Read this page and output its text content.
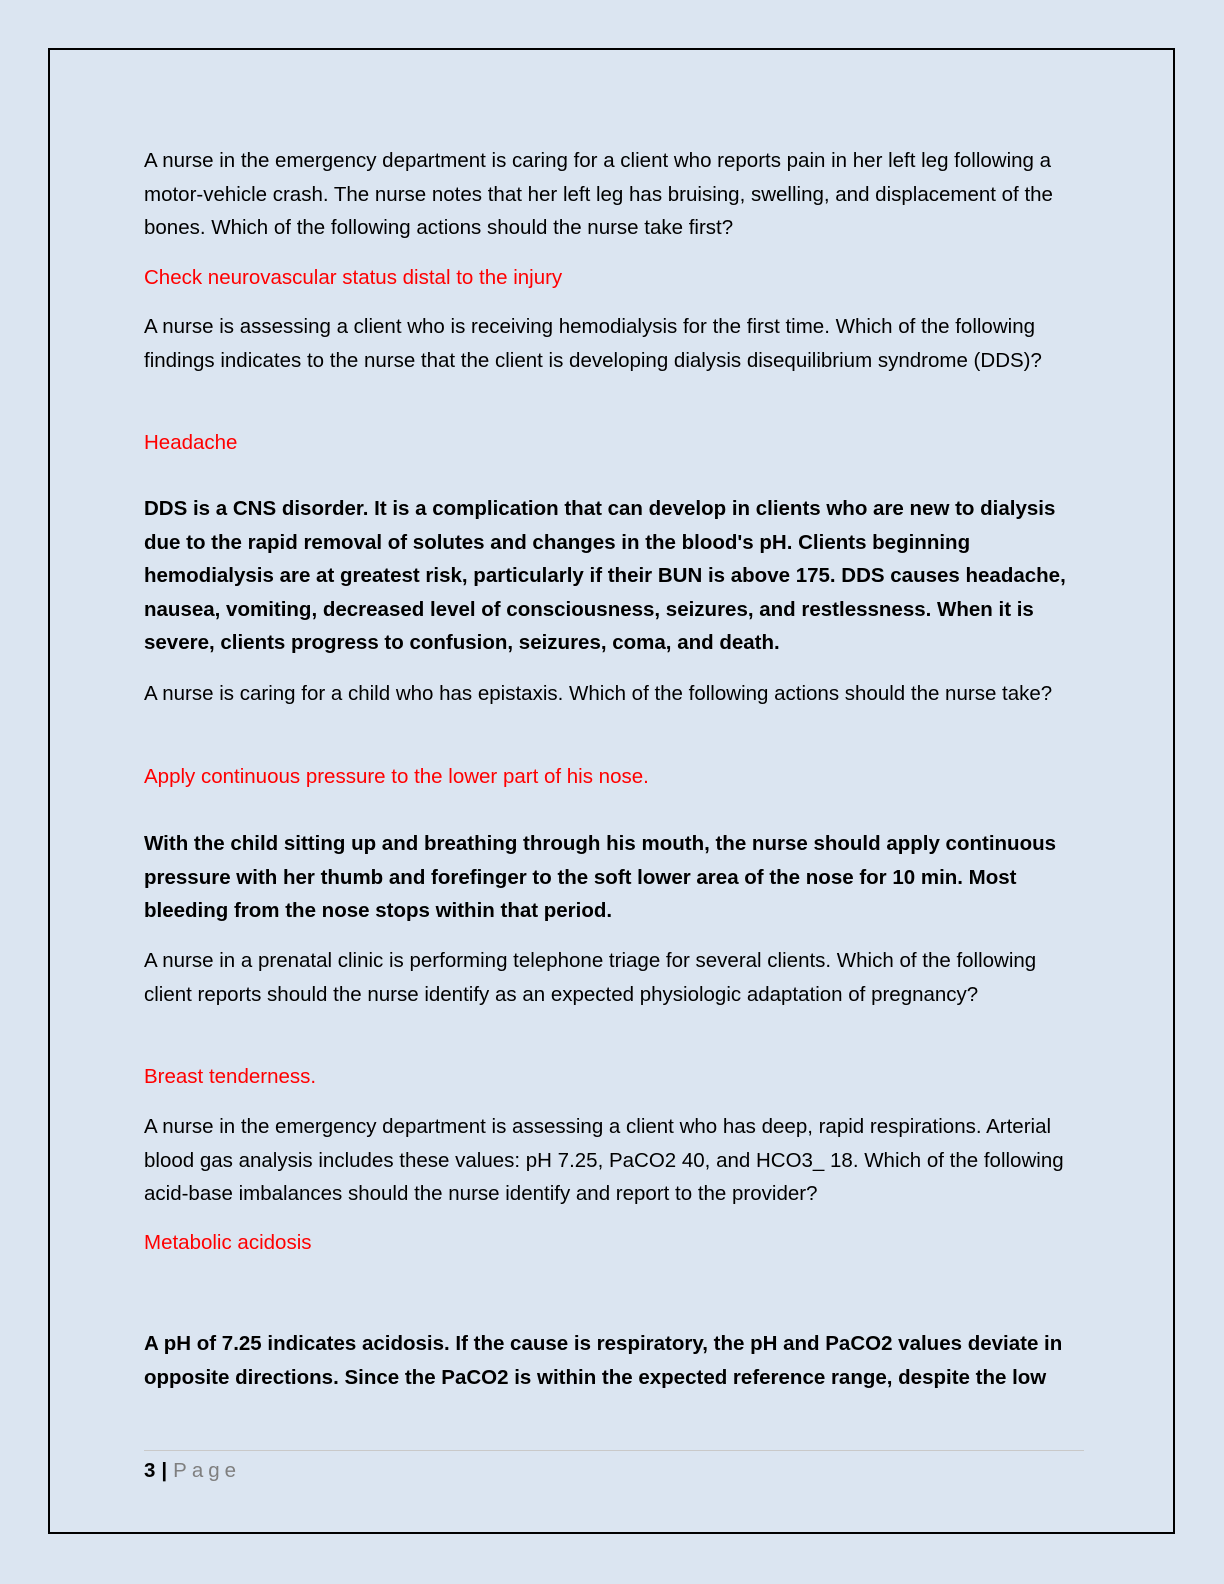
A nurse in the emergency department is caring for a client who reports pain in her left leg following a motor-vehicle crash. The nurse notes that her left leg has bruising, swelling, and displacement of the bones. Which of the following actions should the nurse take first?

Check neurovascular status distal to the injury

A nurse is assessing a client who is receiving hemodialysis for the first time. Which of the following findings indicates to the nurse that the client is developing dialysis disequilibrium syndrome (DDS)?

Headache

DDS is a CNS disorder. It is a complication that can develop in clients who are new to dialysis due to the rapid removal of solutes and changes in the blood's pH. Clients beginning hemodialysis are at greatest risk, particularly if their BUN is above 175. DDS causes headache, nausea, vomiting, decreased level of consciousness, seizures, and restlessness. When it is severe, clients progress to confusion, seizures, coma, and death.

A nurse is caring for a child who has epistaxis. Which of the following actions should the nurse take?

Apply continuous pressure to the lower part of his nose.

With the child sitting up and breathing through his mouth, the nurse should apply continuous pressure with her thumb and forefinger to the soft lower area of the nose for 10 min. Most bleeding from the nose stops within that period.

A nurse in a prenatal clinic is performing telephone triage for several clients. Which of the following client reports should the nurse identify as an expected physiologic adaptation of pregnancy?

Breast tenderness.

A nurse in the emergency department is assessing a client who has deep, rapid respirations. Arterial blood gas analysis includes these values: pH 7.25, PaCO2 40, and HCO3_ 18. Which of the following acid-base imbalances should the nurse identify and report to the provider?

Metabolic acidosis

A pH of 7.25 indicates acidosis. If the cause is respiratory, the pH and PaCO2 values deviate in opposite directions. Since the PaCO2 is within the expected reference range, despite the low

3 | Page
